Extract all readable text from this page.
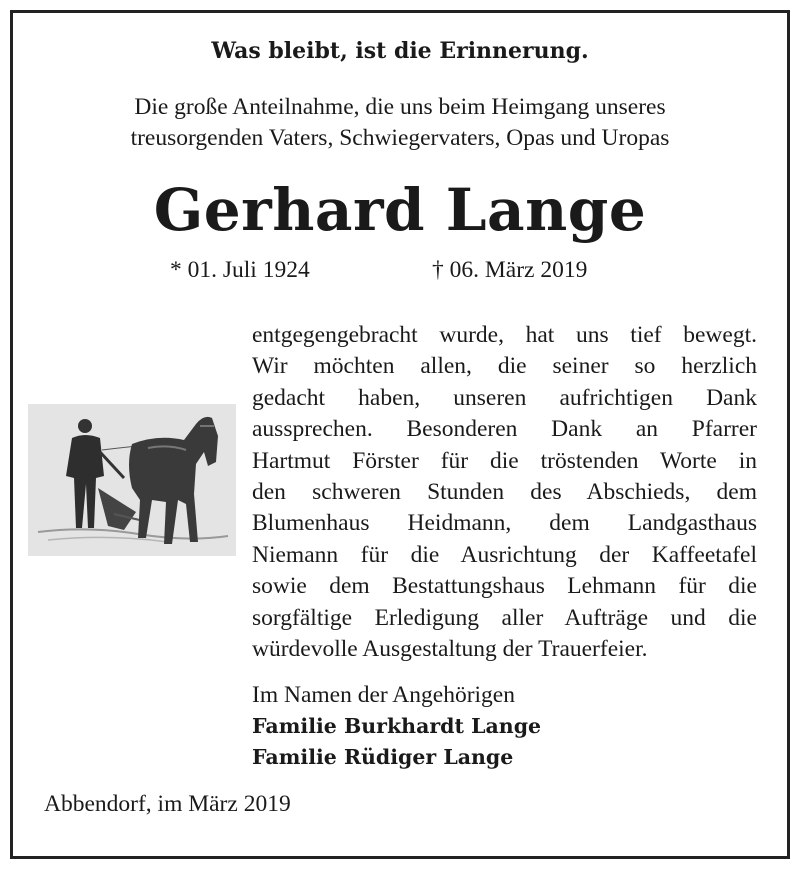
Was bleibt, ist die Erinnerung.
Die große Anteilnahme, die uns beim Heimgang unseres
treusorgenden Vaters, Schwiegervaters, Opas und Uropas
Gerhard Lange
* 01. Juli 1924	† 06. März 2019
entgegengebracht wurde, hat uns tief bewegt.
Wir möchten allen, die seiner so herzlich
gedacht haben, unseren aufrichtigen Dank
aussprechen. Besonderen Dank an Pfarrer
Hartmut Förster für die tröstenden Worte in
den schweren Stunden des Abschieds, dem
Blumenhaus Heidmann, dem Landgasthaus
Niemann für die Ausrichtung der Kaffeetafel
sowie dem Bestattungshaus Lehmann für die
sorgfältige Erledigung aller Aufträge und die
würdevolle Ausgestaltung der Trauerfeier.
Im Namen der Angehörigen
Familie Burkhardt Lange
Familie Rüdiger Lange
Abbendorf, im März 2019
